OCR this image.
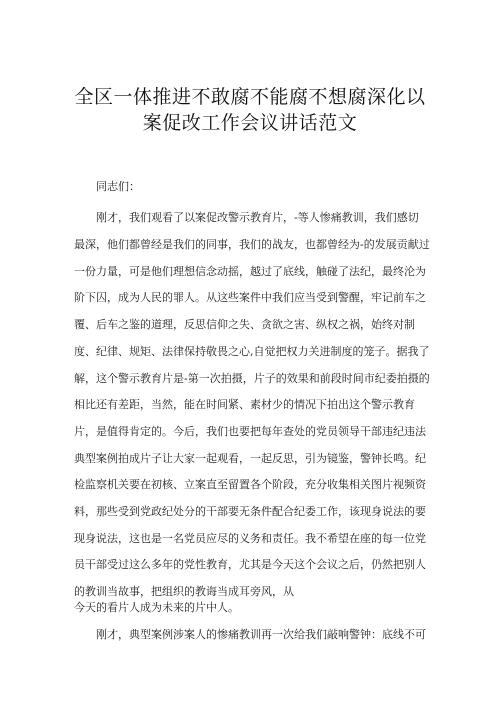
全区一体推进不敢腐不能腐不想腐深化以
案促改工作会议讲话范文
同志们：
刚才，我们观看了以案促改警示教育片，-等人惨痛教训，我们感切
最深，他们都曾经是我们的同事，我们的战友，也都曾经为-的发展贡献过
一份力量，可是他们理想信念动摇，越过了底线，触碰了法纪，最终沦为
阶下囚，成为人民的罪人。从这些案件中我们应当受到警醒，牢记前车之
覆、后车之鉴的道理，反思信仰之失、贪欲之害、纵权之祸，始终对制
度、纪律、规矩、法律保持敬畏之心,自觉把权力关进制度的笼子。据我了
解，这个警示教育片是-第一次拍摄，片子的效果和前段时间市纪委拍摄的
相比还有差距，当然，能在时间紧、素材少的情况下拍出这个警示教育
片，是值得肯定的。今后，我们也要把每年查处的党员领导干部违纪违法
典型案例拍成片子让大家一起观看，一起反思，引为镜鉴，警钟长鸣。纪
检监察机关要在初核、立案直至留置各个阶段，充分收集相关图片视频资
料，那些受到党政纪处分的干部要无条件配合纪委工作，该现身说法的要
现身说法，这也是一名党员应尽的义务和责任。我不希望在座的每一位党
员干部受过这么多年的党性教育，尤其是今天这个会议之后，仍然把别人
的教训当故事，把组织的教诲当成耳旁风，从
今天的看片人成为未来的片中人。
刚才，典型案例涉案人的惨痛教训再一次给我们敲响警钟：底线不可
